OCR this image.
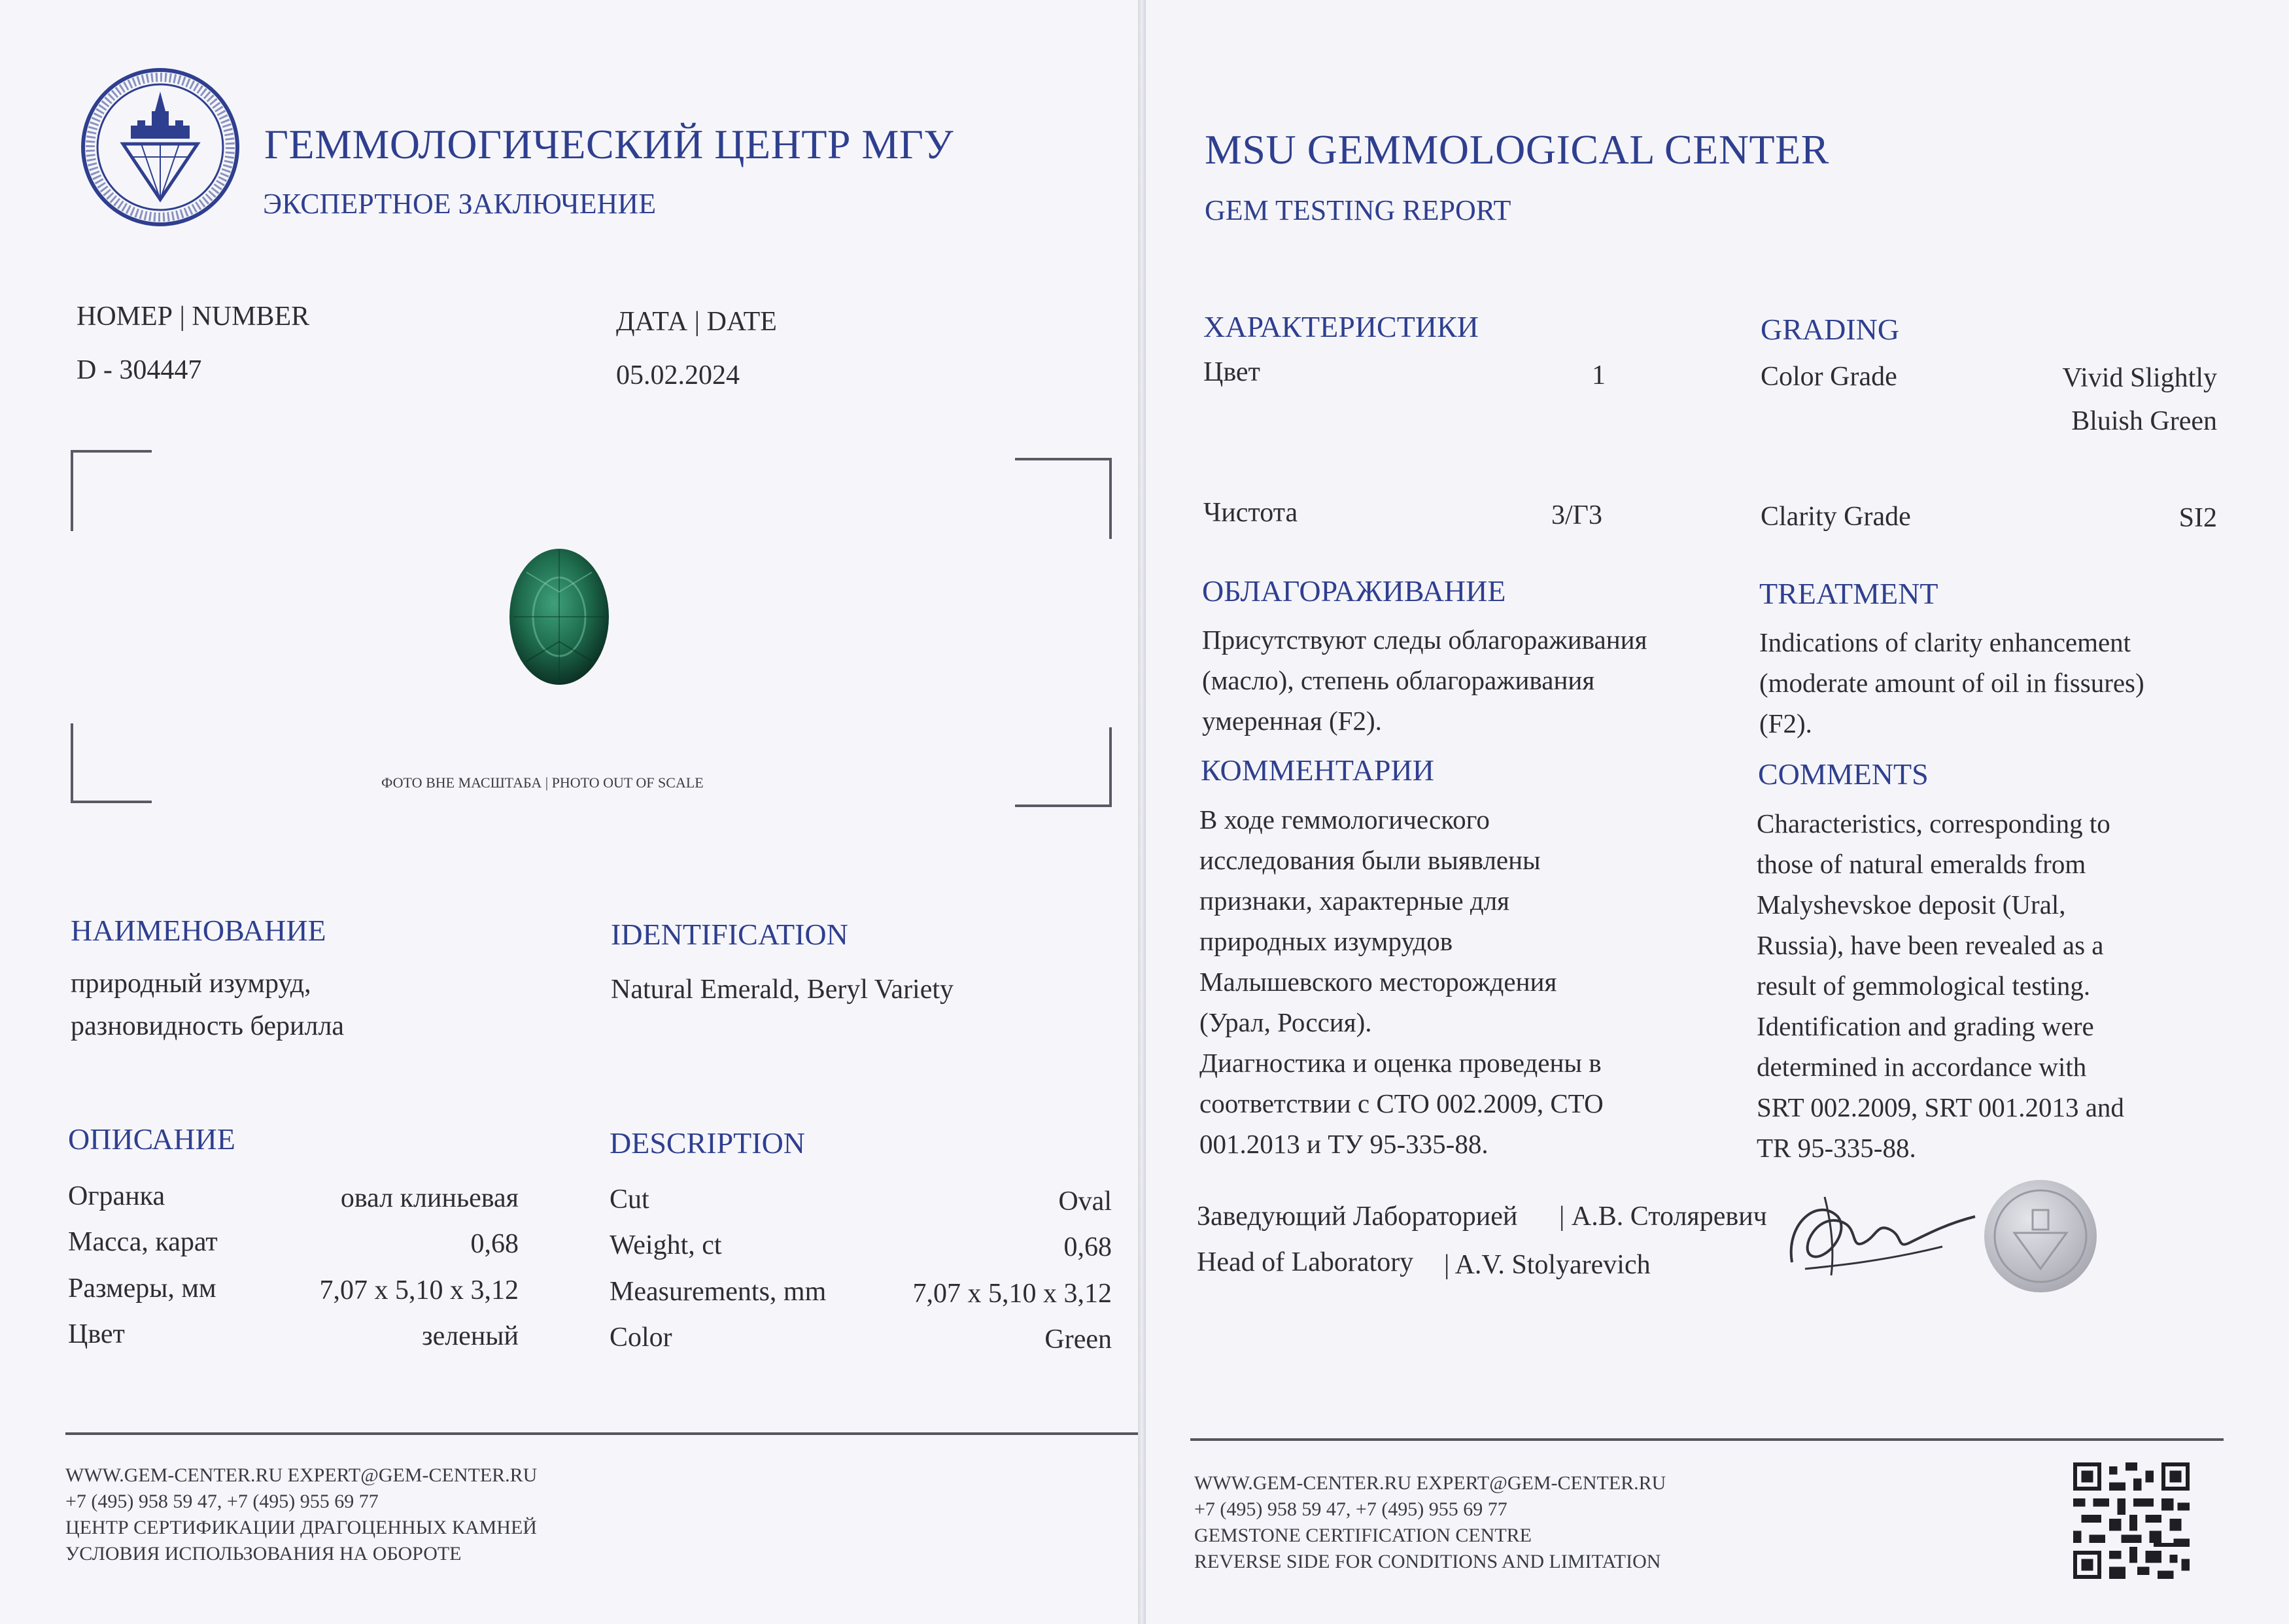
ГЕММОЛОГИЧЕСКИЙ ЦЕНТР МГУ
ЭКСПЕРТНОЕ ЗАКЛЮЧЕНИЕ
НОМЕР | NUMBER
D - 304447
ДАТА | DATE
05.02.2024
ФОТО ВНЕ МАСШТАБА | PHOTO OUT OF SCALE
НАИМЕНОВАНИЕ
природный изумруд,
разновидность берилла
IDENTIFICATION
Natural Emerald, Beryl Variety
ОПИСАНИЕ	DESCRIPTION
Огранка	овал клиньевая
Масса, карат	0,68
Размеры, мм	7,07 x 5,10 x 3,12
Цвет	зеленый
Cut	Oval
Weight, ct	0,68
Measurements, mm	7,07 x 5,10 x 3,12
Color	Green
WWW.GEM-CENTER.RU EXPERT@GEM-CENTER.RU
+7 (495) 958 59 47, +7 (495) 955 69 77
ЦЕНТР СЕРТИФИКАЦИИ ДРАГОЦЕННЫХ КАМНЕЙ
УСЛОВИЯ ИСПОЛЬЗОВАНИЯ НА ОБОРОТЕ
MSU GEMMOLOGICAL CENTER
GEM TESTING REPORT
ХАРАКТЕРИСТИКИ	GRADING
Цвет	1	Color Grade	Vivid Slightly
Bluish Green
Чистота	3/Г3	Clarity Grade	SI2
ОБЛАГОРАЖИВАНИЕ	TREATMENT
Присутствуют следы облагораживания
(масло), степень облагораживания
умеренная (F2).
Indications of clarity enhancement
(moderate amount of oil in fissures)
(F2).
КОММЕНТАРИИ	COMMENTS
В ходе геммологического
исследования были выявлены
признаки, характерные для
природных изумрудов
Малышевского месторождения
(Урал, Россия).
Диагностика и оценка проведены в
соответствии с СТО 002.2009, СТО
001.2013 и ТУ 95-335-88.
Characteristics, corresponding to
those of natural emeralds from
Malyshevskoe deposit (Ural,
Russia), have been revealed as a
result of gemmological testing.
Identification and grading were
determined in accordance with
SRT 002.2009, SRT 001.2013 and
TR 95-335-88.
Заведующий Лабораторией | А.В. Столяревич
Head of Laboratory | A.V. Stolyarevich
WWW.GEM-CENTER.RU EXPERT@GEM-CENTER.RU
+7 (495) 958 59 47, +7 (495) 955 69 77
GEMSTONE CERTIFICATION CENTRE
REVERSE SIDE FOR CONDITIONS AND LIMITATION
